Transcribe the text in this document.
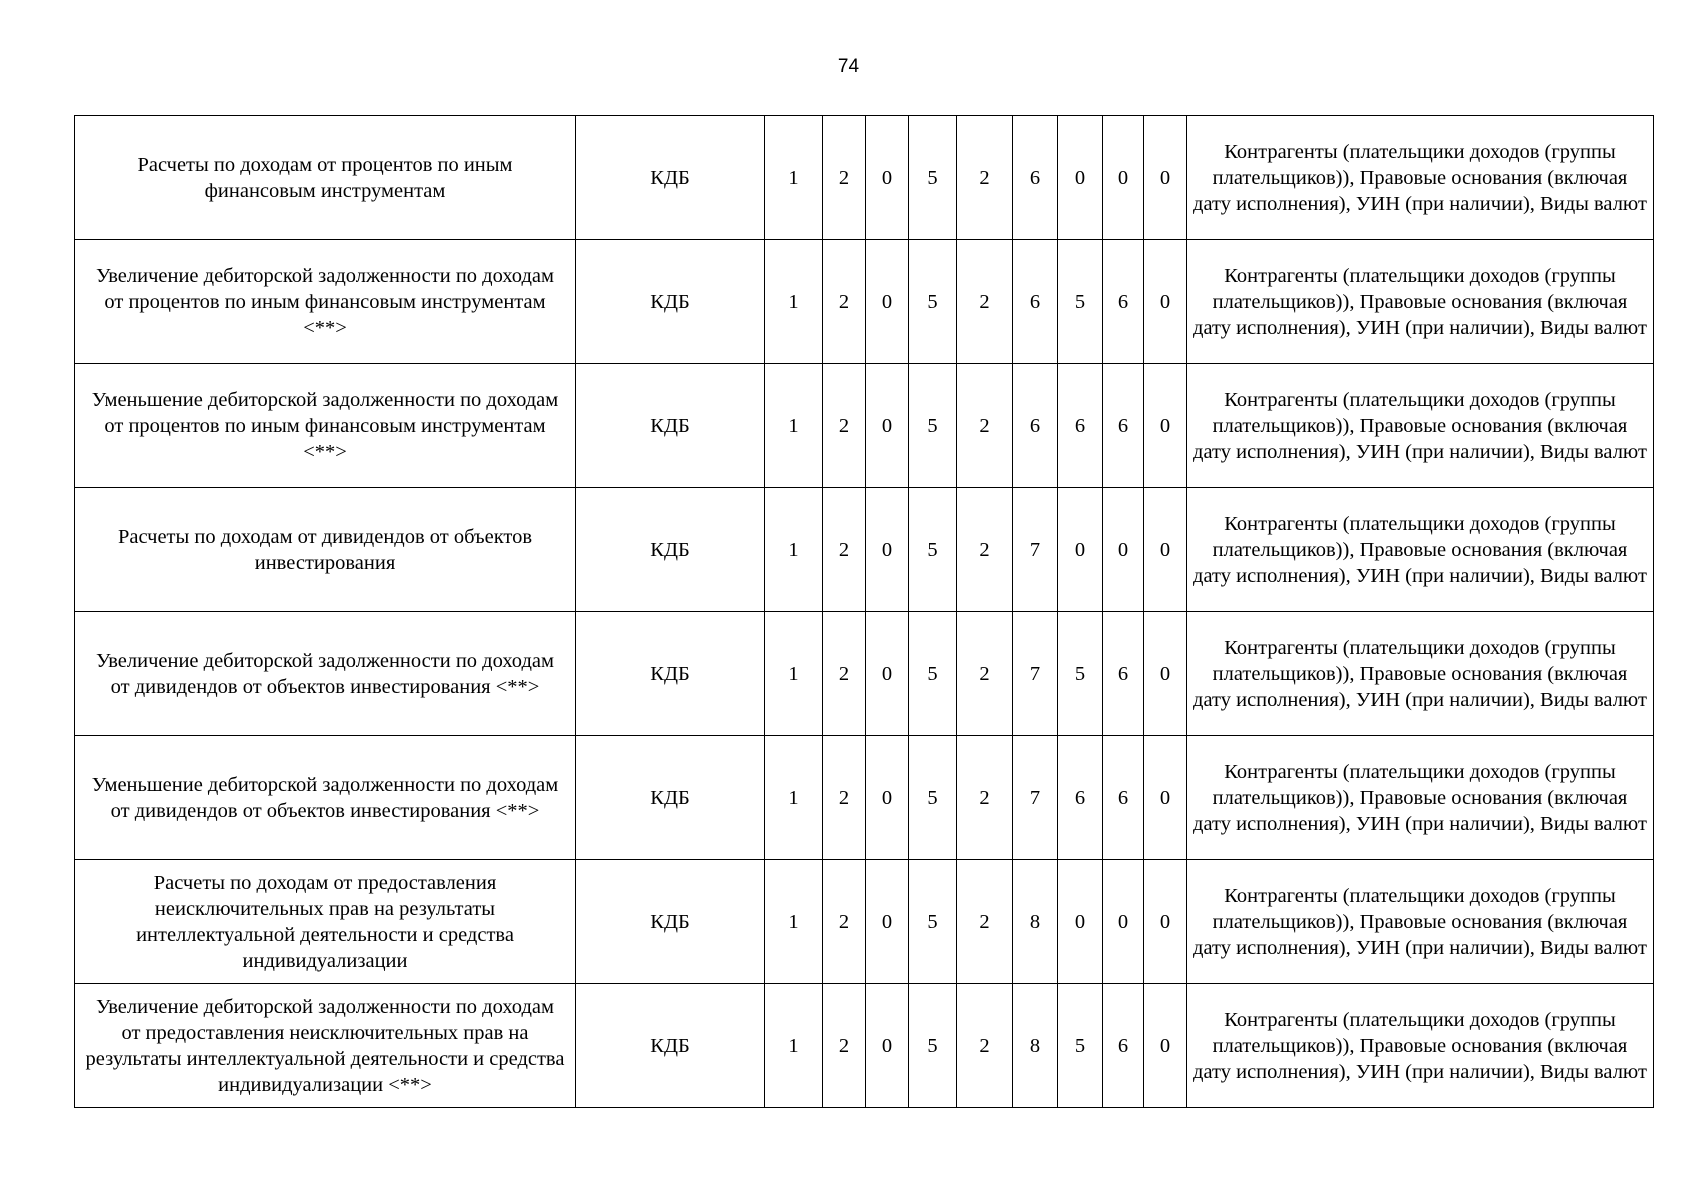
74
Расчеты по доходам от процентов по иным финансовым инструментам	КДБ	1	2	0	5	2	6	0	0	0	Контрагенты (плательщики доходов (группы плательщиков)), Правовые основания (включая дату исполнения), УИН (при наличии), Виды валют
Увеличение дебиторской задолженности по доходам от процентов по иным финансовым инструментам <**>	КДБ	1	2	0	5	2	6	5	6	0	Контрагенты (плательщики доходов (группы плательщиков)), Правовые основания (включая дату исполнения), УИН (при наличии), Виды валют
Уменьшение дебиторской задолженности по доходам от процентов по иным финансовым инструментам <**>	КДБ	1	2	0	5	2	6	6	6	0	Контрагенты (плательщики доходов (группы плательщиков)), Правовые основания (включая дату исполнения), УИН (при наличии), Виды валют
Расчеты по доходам от дивидендов от объектов инвестирования	КДБ	1	2	0	5	2	7	0	0	0	Контрагенты (плательщики доходов (группы плательщиков)), Правовые основания (включая дату исполнения), УИН (при наличии), Виды валют
Увеличение дебиторской задолженности по доходам от дивидендов от объектов инвестирования <**>	КДБ	1	2	0	5	2	7	5	6	0	Контрагенты (плательщики доходов (группы плательщиков)), Правовые основания (включая дату исполнения), УИН (при наличии), Виды валют
Уменьшение дебиторской задолженности по доходам от дивидендов от объектов инвестирования <**>	КДБ	1	2	0	5	2	7	6	6	0	Контрагенты (плательщики доходов (группы плательщиков)), Правовые основания (включая дату исполнения), УИН (при наличии), Виды валют
Расчеты по доходам от предоставления неисключительных прав на результаты интеллектуальной деятельности и средства индивидуализации	КДБ	1	2	0	5	2	8	0	0	0	Контрагенты (плательщики доходов (группы плательщиков)), Правовые основания (включая дату исполнения), УИН (при наличии), Виды валют
Увеличение дебиторской задолженности по доходам от предоставления неисключительных прав на результаты интеллектуальной деятельности и средства индивидуализации <**>	КДБ	1	2	0	5	2	8	5	6	0	Контрагенты (плательщики доходов (группы плательщиков)), Правовые основания (включая дату исполнения), УИН (при наличии), Виды валют
